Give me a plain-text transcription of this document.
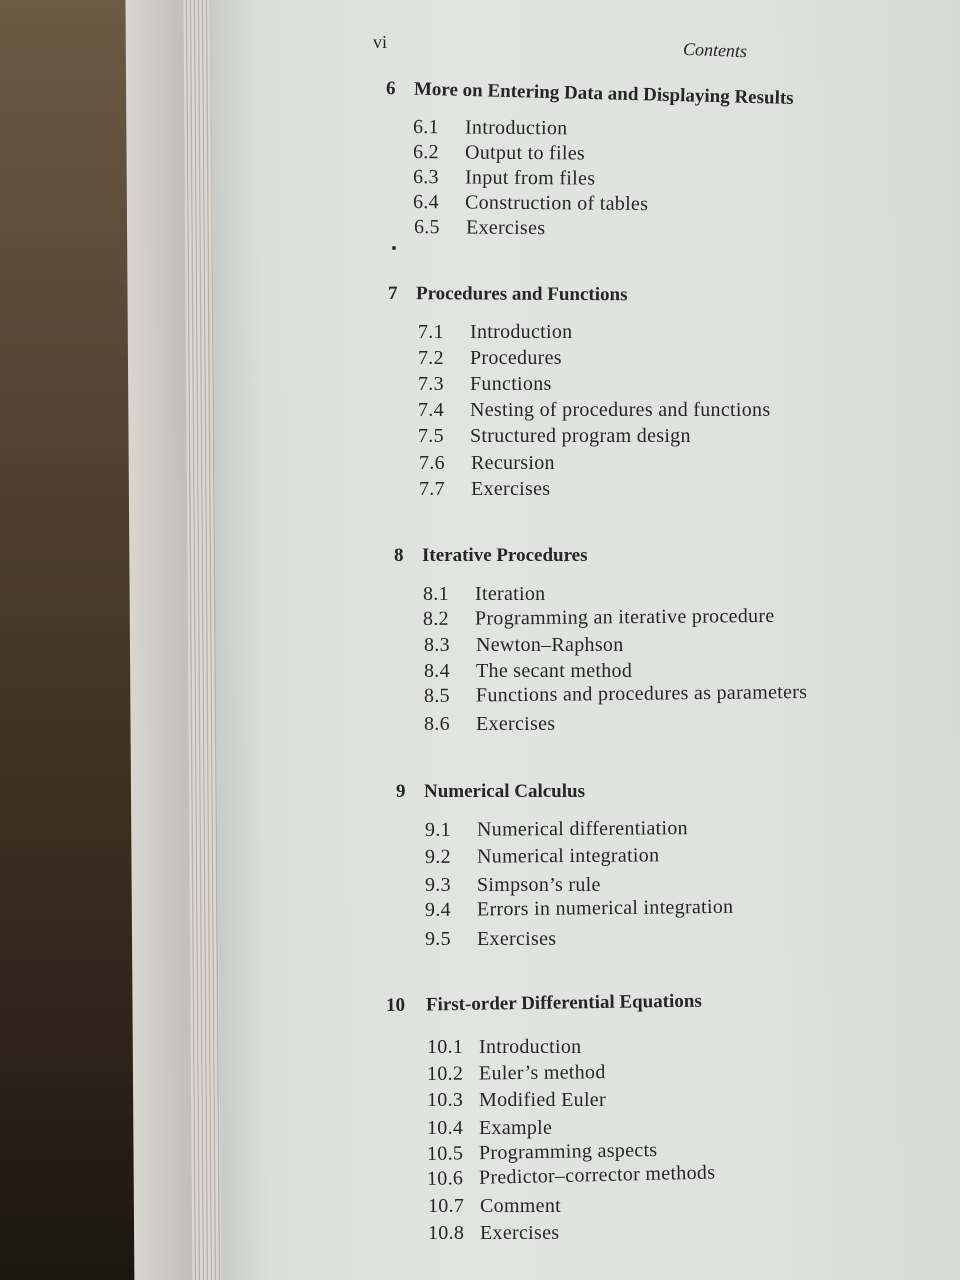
vi	Contents
6 More on Entering Data and Displaying Results
6.1 Introduction
6.2 Output to files
6.3 Input from files
6.4 Construction of tables
6.5 Exercises
7 Procedures and Functions
7.1 Introduction
7.2 Procedures
7.3 Functions
7.4 Nesting of procedures and functions
7.5 Structured program design
7.6 Recursion
7.7 Exercises
8 Iterative Procedures
8.1 Iteration
8.2 Programming an iterative procedure
8.3 Newton–Raphson
8.4 The secant method
8.5 Functions and procedures as parameters
8.6 Exercises
9 Numerical Calculus
9.1 Numerical differentiation
9.2 Numerical integration
9.3 Simpson’s rule
9.4 Errors in numerical integration
9.5 Exercises
10 First-order Differential Equations
10.1 Introduction
10.2 Euler’s method
10.3 Modified Euler
10.4 Example
10.5 Programming aspects
10.6 Predictor–corrector methods
10.7 Comment
10.8 Exercises
